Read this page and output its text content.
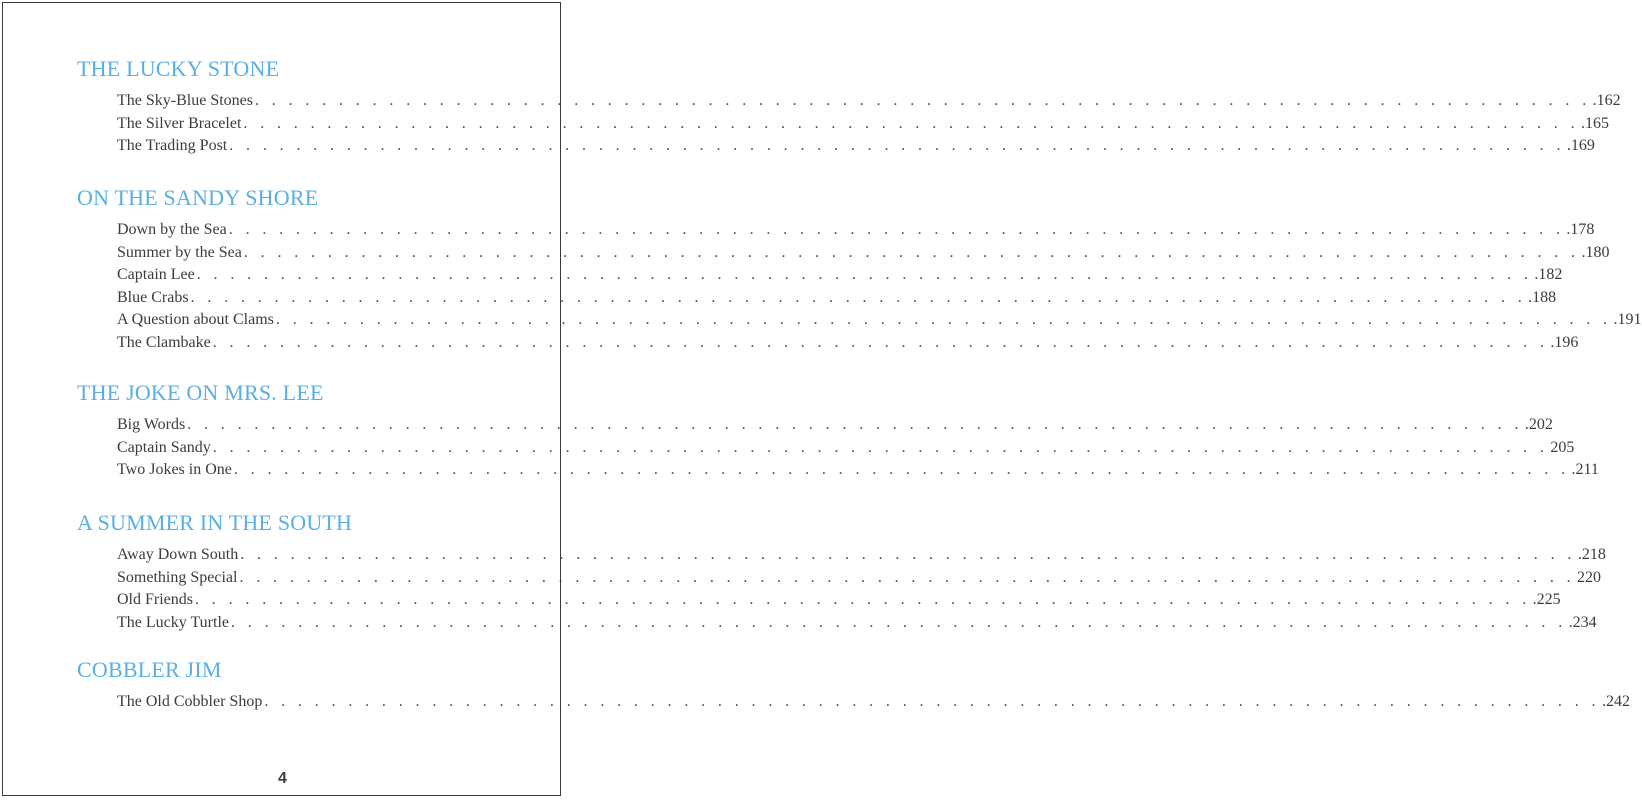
THE LUCKY STONE
The Sky-Blue Stones . . . . . . . . . . . . . . . . . . . . . . . . . . . . . . . . . . . . . . . . . . . . . . . . . . . . . . . . . . . . . . . . . . . . . . . . . . . . . . . . .162
The Silver Bracelet . . . . . . . . . . . . . . . . . . . . . . . . . . . . . . . . . . . . . . . . . . . . . . . . . . . . . . . . . . . . . . . . . . . . . . . . . . . . . . . . .165
The Trading Post . . . . . . . . . . . . . . . . . . . . . . . . . . . . . . . . . . . . . . . . . . . . . . . . . . . . . . . . . . . . . . . . . . . . . . . . . . . . . . . . .169
ON THE SANDY SHORE
Down by the Sea . . . . . . . . . . . . . . . . . . . . . . . . . . . . . . . . . . . . . . . . . . . . . . . . . . . . . . . . . . . . . . . . . . . . . . . . . . . . . . . . .178
Summer by the Sea . . . . . . . . . . . . . . . . . . . . . . . . . . . . . . . . . . . . . . . . . . . . . . . . . . . . . . . . . . . . . . . . . . . . . . . . . . . . . . . . .180
Captain Lee . . . . . . . . . . . . . . . . . . . . . . . . . . . . . . . . . . . . . . . . . . . . . . . . . . . . . . . . . . . . . . . . . . . . . . . . . . . . . . . . .182
Blue Crabs . . . . . . . . . . . . . . . . . . . . . . . . . . . . . . . . . . . . . . . . . . . . . . . . . . . . . . . . . . . . . . . . . . . . . . . . . . . . . . . . .188
A Question about Clams . . . . . . . . . . . . . . . . . . . . . . . . . . . . . . . . . . . . . . . . . . . . . . . . . . . . . . . . . . . . . . . . . . . . . . . . . . . . . . . . .191
The Clambake . . . . . . . . . . . . . . . . . . . . . . . . . . . . . . . . . . . . . . . . . . . . . . . . . . . . . . . . . . . . . . . . . . . . . . . . . . . . . . . . .196
THE JOKE ON MRS. LEE
Big Words . . . . . . . . . . . . . . . . . . . . . . . . . . . . . . . . . . . . . . . . . . . . . . . . . . . . . . . . . . . . . . . . . . . . . . . . . . . . . . . . .202
Captain Sandy . . . . . . . . . . . . . . . . . . . . . . . . . . . . . . . . . . . . . . . . . . . . . . . . . . . . . . . . . . . . . . . . . . . . . . . . . . . . . . . . 205
Two Jokes in One . . . . . . . . . . . . . . . . . . . . . . . . . . . . . . . . . . . . . . . . . . . . . . . . . . . . . . . . . . . . . . . . . . . . . . . . . . . . . . . . .211
A SUMMER IN THE SOUTH
Away Down South . . . . . . . . . . . . . . . . . . . . . . . . . . . . . . . . . . . . . . . . . . . . . . . . . . . . . . . . . . . . . . . . . . . . . . . . . . . . . . . . .218
Something Special . . . . . . . . . . . . . . . . . . . . . . . . . . . . . . . . . . . . . . . . . . . . . . . . . . . . . . . . . . . . . . . . . . . . . . . . . . . . . . . . 220
Old Friends . . . . . . . . . . . . . . . . . . . . . . . . . . . . . . . . . . . . . . . . . . . . . . . . . . . . . . . . . . . . . . . . . . . . . . . . . . . . . . . . .225
The Lucky Turtle . . . . . . . . . . . . . . . . . . . . . . . . . . . . . . . . . . . . . . . . . . . . . . . . . . . . . . . . . . . . . . . . . . . . . . . . . . . . . . . . .234
COBBLER JIM
The Old Cobbler Shop . . . . . . . . . . . . . . . . . . . . . . . . . . . . . . . . . . . . . . . . . . . . . . . . . . . . . . . . . . . . . . . . . . . . . . . . . . . . . . . . .242
4
